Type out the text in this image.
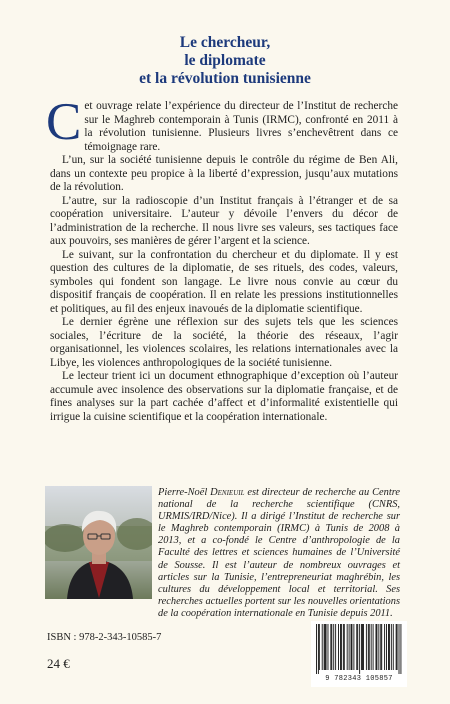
Le chercheur,
le diplomate
et la révolution tunisienne

Cet ouvrage relate l’expérience du directeur de l’Institut de recherche sur le Maghreb contemporain à Tunis (IRMC), confronté en 2011 à la révolution tunisienne. Plusieurs livres s’enchevêtrent dans ce témoignage rare.

L’un, sur la société tunisienne depuis le contrôle du régime de Ben Ali, dans un contexte peu propice à la liberté d’expression, jusqu’aux mutations de la révolution.

L’autre, sur la radioscopie d’un Institut français à l’étranger et de sa coopération universitaire. L’auteur y dévoile l’envers du décor de l’administration de la recherche. Il nous livre ses valeurs, ses tactiques face aux pouvoirs, ses manières de gérer l’argent et la science.

Le suivant, sur la confrontation du chercheur et du diplomate. Il y est question des cultures de la diplomatie, de ses rituels, des codes, valeurs, symboles qui fondent son langage. Le livre nous convie au cœur du dispositif français de coopération. Il en relate les pressions institutionnelles et politiques, au fil des enjeux inavoués de la diplomatie scientifique.

Le dernier égrène une réflexion sur des sujets tels que les sciences sociales, l’écriture de la société, la théorie des réseaux, l’agir organisationnel, les violences scolaires, les relations internationales avec la Libye, les violences anthropologiques de la société tunisienne.

Le lecteur trient ici un document ethnographique d’exception où l’auteur accumule avec insolence des observations sur la diplomatie française, et de fines analyses sur la part cachée d’affect et d’informalité existentielle qui irrigue la cuisine scientifique et la coopération internationale.

Pierre-Noël Denieuil est directeur de recherche au Centre national de la recherche scientifique (CNRS, URMIS/IRD/Nice). Il a dirigé l’Institut de recherche sur le Maghreb contemporain (IRMC) à Tunis de 2008 à 2013, et a co-fondé le Centre d’anthropologie de la Faculté des lettres et sciences humaines de l’Université de Sousse. Il est l’auteur de nombreux ouvrages et articles sur la Tunisie, l’entrepreneuriat maghrébin, les cultures du développement local et territorial. Ses recherches actuelles portent sur les nouvelles orientations de la coopération internationale en Tunisie depuis 2011.
ISBN : 978-2-343-10585-7
24 €
9 782343 105857
